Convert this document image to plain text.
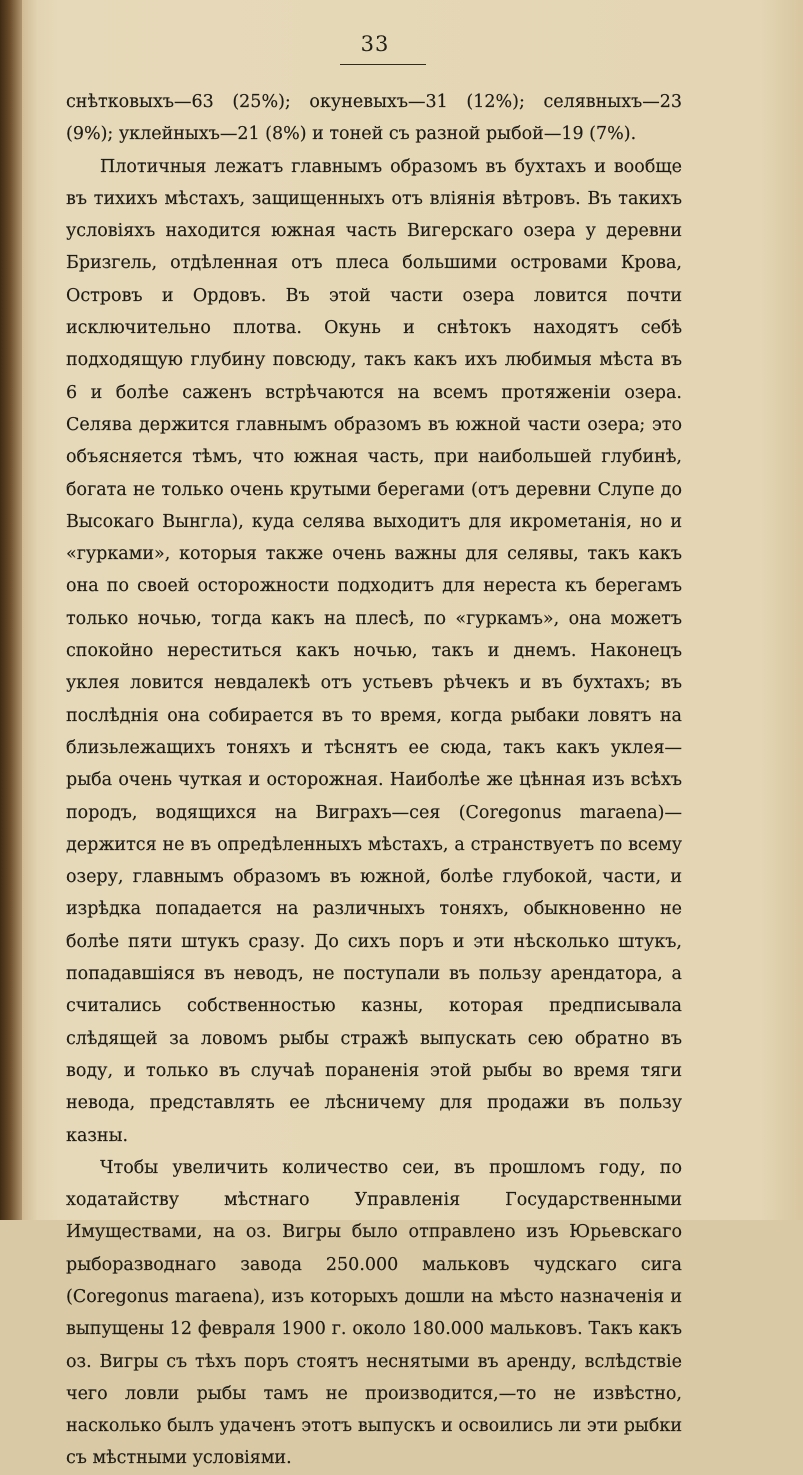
33

снѣтковыхъ—63 (25%); окуневыхъ—31 (12%); селявныхъ—23 (9%); уклейныхъ—21 (8%) и тоней съ разной рыбой—19 (7%).

Плотичныя лежатъ главнымъ образомъ въ бухтахъ и вообще въ тихихъ мѣстахъ, защищенныхъ отъ вліянія вѣтровъ. Въ такихъ условіяхъ находится южная часть Вигерскаго озера у деревни Бризгель, отдѣленная отъ плеса большими островами Крова, Островъ и Ордовъ. Въ этой части озера ловится почти исключительно плотва. Окунь и снѣтокъ находятъ себѣ подходящую глубину повсюду, такъ какъ ихъ любимыя мѣста въ 6 и болѣе саженъ встрѣчаются на всемъ протяженіи озера. Селява держится главнымъ образомъ въ южной части озера; это объясняется тѣмъ, что южная часть, при наибольшей глубинѣ, богата не только очень крутыми берегами (отъ деревни Слупе до Высокаго Вынгла), куда селява выходитъ для икрометанія, но и «гурками», которыя также очень важны для селявы, такъ какъ она по своей осторожности подходитъ для нереста къ берегамъ только ночью, тогда какъ на плесѣ, по «гуркамъ», она можетъ спокойно нереститься какъ ночью, такъ и днемъ. Наконецъ уклея ловится невдалекѣ отъ устьевъ рѣчекъ и въ бухтахъ; въ послѣднія она собирается въ то время, когда рыбаки ловятъ на близьлежащихъ тоняхъ и тѣснятъ ее сюда, такъ какъ уклея—рыба очень чуткая и осторожная. Наиболѣе же цѣнная изъ всѣхъ породъ, водящихся на Виграхъ—сея (Coregonus maraena)—держится не въ опредѣленныхъ мѣстахъ, а странствуетъ по всему озеру, главнымъ образомъ въ южной, болѣе глубокой, части, и изрѣдка попадается на различныхъ тоняхъ, обыкновенно не болѣе пяти штукъ сразу. До сихъ поръ и эти нѣсколько штукъ, попадавшіяся въ неводъ, не поступали въ пользу арендатора, а считались собственностью казны, которая предписывала слѣдящей за ловомъ рыбы стражѣ выпускать сею обратно въ воду, и только въ случаѣ пораненія этой рыбы во время тяги невода, представлять ее лѣсничему для продажи въ пользу казны.

Чтобы увеличить количество сеи, въ прошломъ году, по ходатайству мѣстнаго Управленія Государственными Имуществами, на оз. Вигры было отправлено изъ Юрьевскаго рыборазводнаго завода 250.000 мальковъ чудскаго сига (Coregonus maraena), изъ которыхъ дошли на мѣсто назначенія и выпущены 12 февраля 1900 г. около 180.000 мальковъ. Такъ какъ оз. Вигры съ тѣхъ поръ стоятъ неснятыми въ аренду, вслѣдствіе чего ловли рыбы тамъ не производится,—то не извѣстно, насколько былъ удаченъ этотъ выпускъ и освоились ли эти рыбки съ мѣстными условіями.
